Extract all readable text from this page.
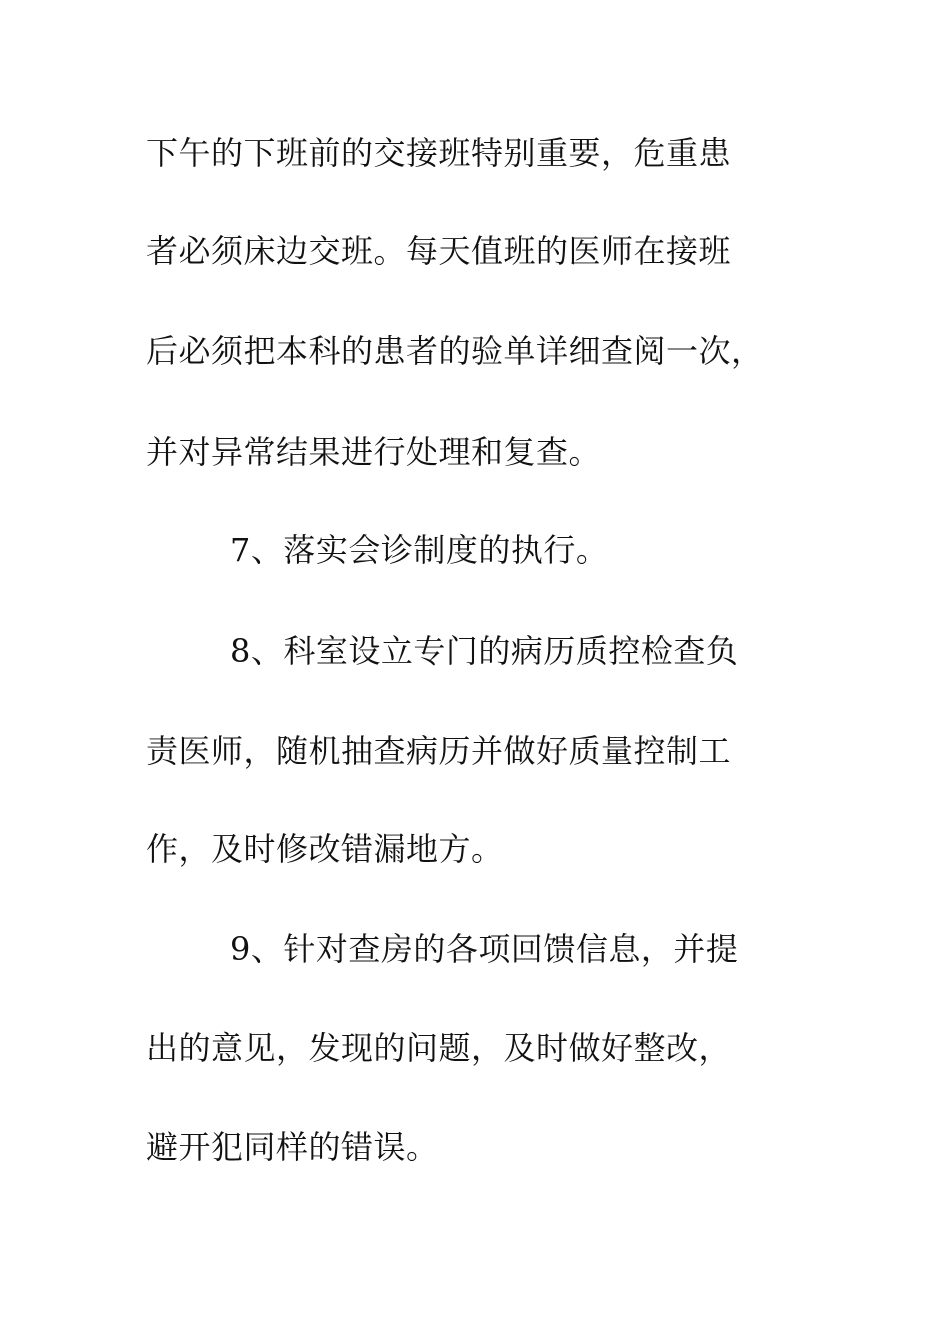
下午的下班前的交接班特别重要，危重患

者必须床边交班。每天值班的医师在接班

后必须把本科的患者的验单详细查阅一次，

并对异常结果进行处理和复查。

7、落实会诊制度的执行。

8、科室设立专门的病历质控检查负

责医师，随机抽查病历并做好质量控制工

作，及时修改错漏地方。

9、针对查房的各项回馈信息，并提

出的意见，发现的问题，及时做好整改，

避开犯同样的错误。
